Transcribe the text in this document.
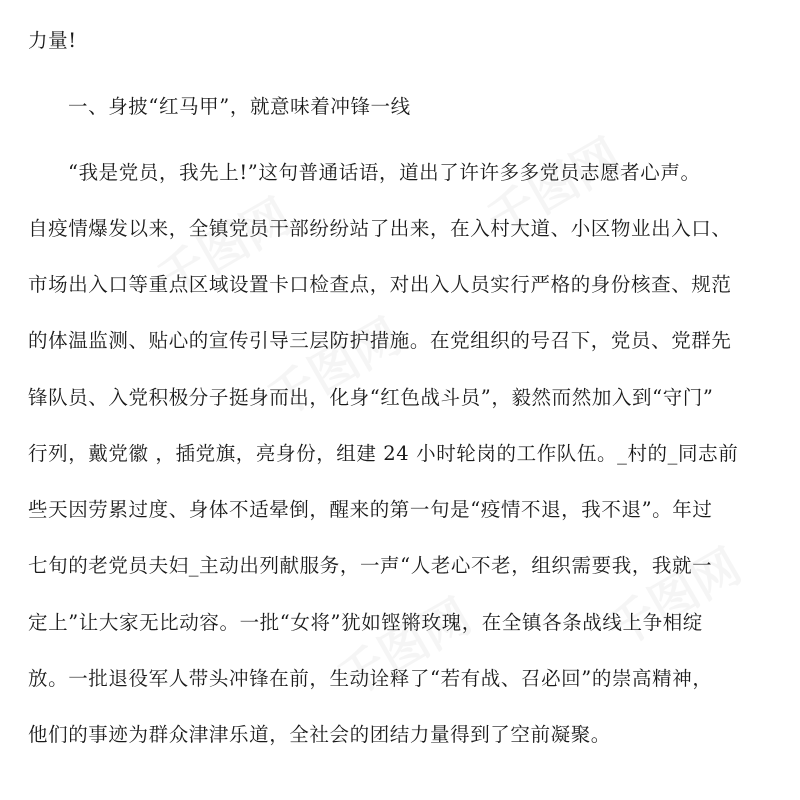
千图网	千图网
千图网
千图网
千图网
力量!
一、身披“红马甲”，就意味着冲锋一线
“我是党员，我先上!”这句普通话语，道出了许许多多党员志愿者心声。
自疫情爆发以来，全镇党员干部纷纷站了出来，在入村大道、小区物业出入口、
市场出入口等重点区域设置卡口检查点，对出入人员实行严格的身份核查、规范
的体温监测、贴心的宣传引导三层防护措施。在党组织的号召下，党员、党群先
锋队员、入党积极分子挺身而出，化身“红色战斗员”，毅然而然加入到“守门”
行列，戴党徽 ，插党旗，亮身份，组建 24 小时轮岗的工作队伍。_村的_同志前
些天因劳累过度、身体不适晕倒，醒来的第一句是“疫情不退，我不退”。年过
七旬的老党员夫妇_主动出列献服务，一声“人老心不老，组织需要我，我就一
定上”让大家无比动容。一批“女将”犹如铿锵玫瑰，在全镇各条战线上争相绽
放。一批退役军人带头冲锋在前，生动诠释了“若有战、召必回”的崇高精神，
他们的事迹为群众津津乐道，全社会的团结力量得到了空前凝聚。
